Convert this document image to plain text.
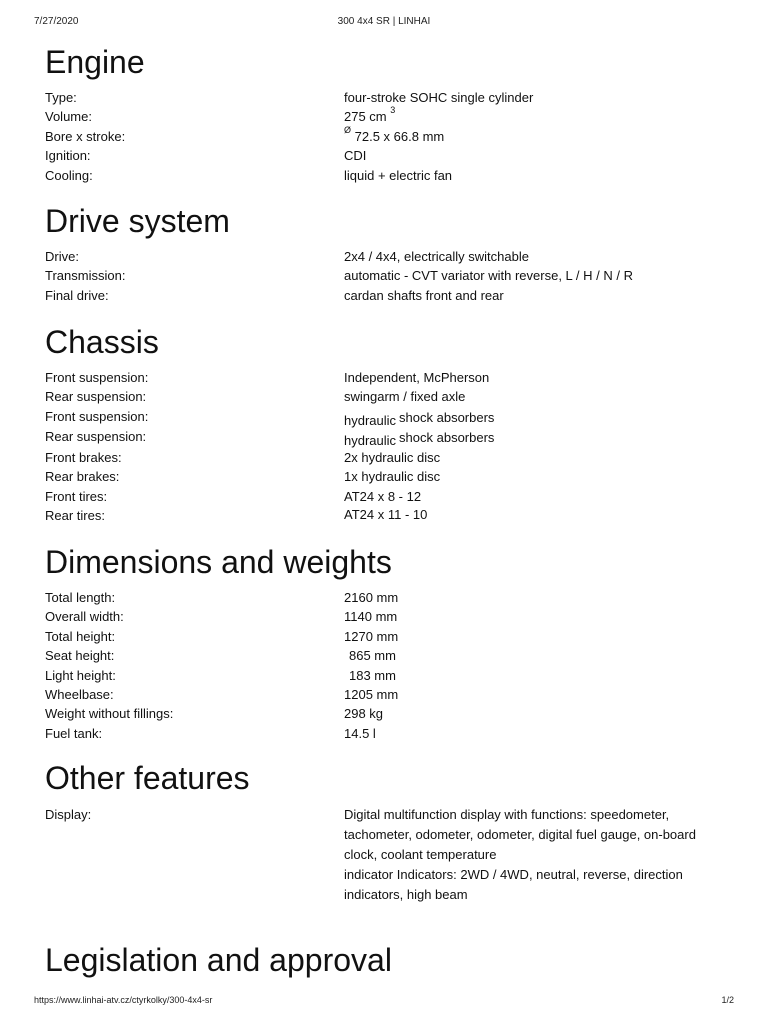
7/27/2020	300 4x4 SR | LINHAI
Engine
Type:	four-stroke SOHC single cylinder
Volume:	275 cm $^3$
Bore x stroke:	$^Ø$ 72.5 x 66.8 mm
Ignition:	CDI
Cooling:	liquid + electric fan
Drive system
Drive:	2x4 / 4x4, electrically switchable
Transmission:	automatic - CVT variator with reverse, L / H / N / R
Final drive:	cardan shafts front and rear
Chassis
Front suspension:	Independent, McPherson
Rear suspension:	swingarm / fixed axle
Front suspension:	hydraulic shock absorbers
Rear suspension:	hydraulic shock absorbers
Front brakes:	2x hydraulic disc
Rear brakes:	1x hydraulic disc
Front tires:	AT24 x 8 - 12
Rear tires:	AT24 x 11 - 10
Dimensions and weights
Total length:	2160 mm
Overall width:	1140 mm
Total height:	1270 mm
Seat height:	865 mm
Light height:	183 mm
Wheelbase:	1205 mm
Weight without fillings:	298 kg
Fuel tank:	14.5 l
Other features
Display:	Digital multifunction display with functions: speedometer, tachometer, odometer, odometer, digital fuel gauge, on-board clock, coolant temperature

indicator Indicators: 2WD / 4WD, neutral, reverse, direction indicators, high beam

Legislation and approval
https://www.linhai-atv.cz/ctyrkolky/300-4x4-sr	1/2
